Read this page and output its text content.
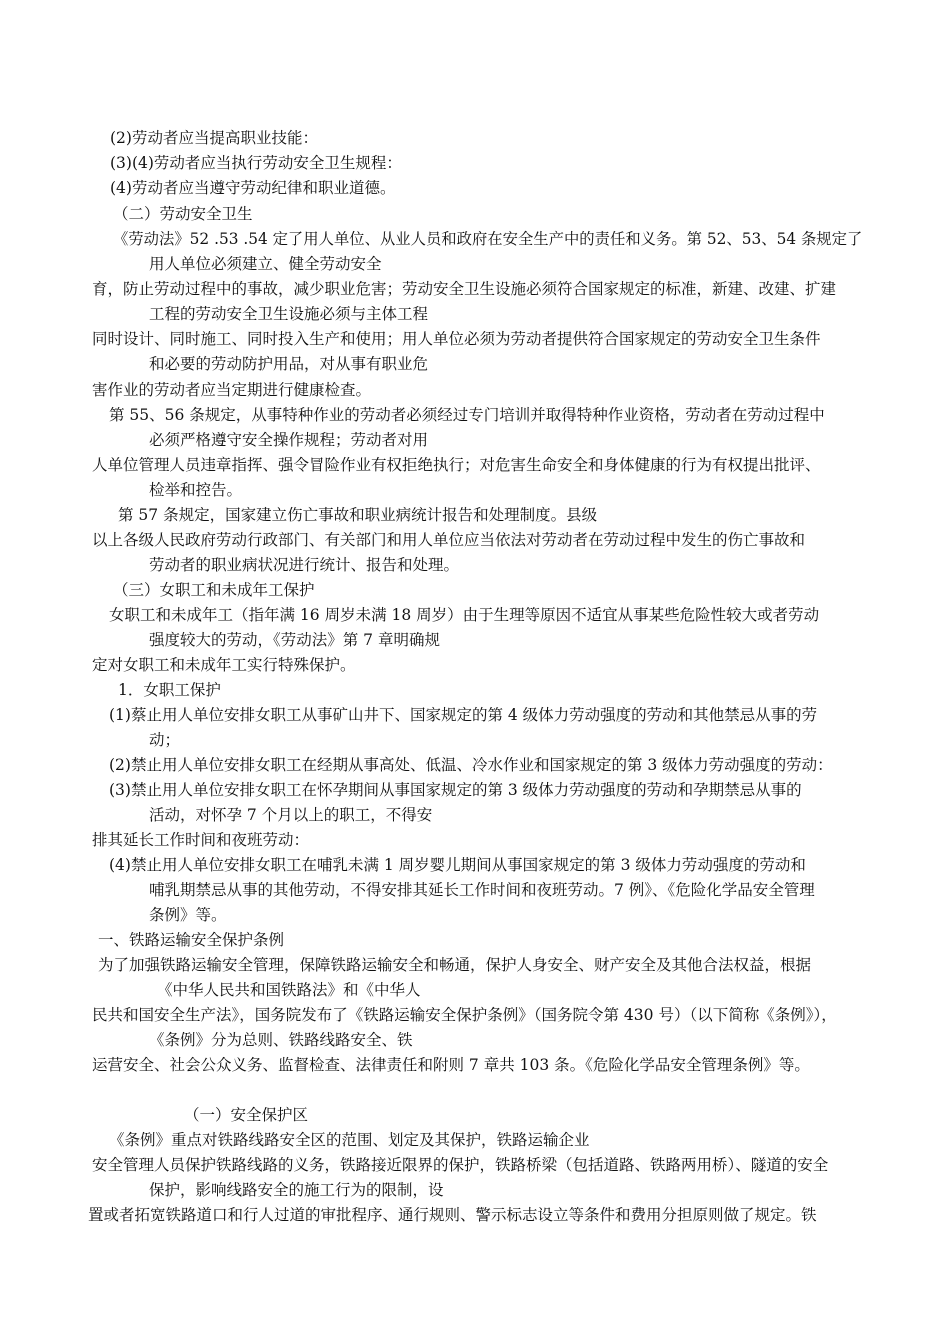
(2)劳动者应当提高职业技能：
(3)(4)劳动者应当执行劳动安全卫生规程：
(4)劳动者应当遵守劳动纪律和职业道德。
（二）劳动安全卫生
《劳动法》52 .53 .54 定了用人单位、从业人员和政府在安全生产中的责任和义务。第 52、53、54 条规定了
用人单位必须建立、健全劳动安全
育，防止劳动过程中的事故，减少职业危害；劳动安全卫生设施必须符合国家规定的标准，新建、改建、扩建
工程的劳动安全卫生设施必须与主体工程
同时设计、同时施工、同时投入生产和使用；用人单位必须为劳动者提供符合国家规定的劳动安全卫生条件
和必要的劳动防护用品，对从事有职业危
害作业的劳动者应当定期进行健康检查。
第 55、56 条规定，从事特种作业的劳动者必须经过专门培训并取得特种作业资格，劳动者在劳动过程中
必须严格遵守安全操作规程；劳动者对用
人单位管理人员违章指挥、强令冒险作业有权拒绝执行；对危害生命安全和身体健康的行为有权提出批评、
检举和控告。
第 57 条规定，国家建立伤亡事故和职业病统计报告和处理制度。县级
以上各级人民政府劳动行政部门、有关部门和用人单位应当依法对劳动者在劳动过程中发生的伤亡事故和
劳动者的职业病状况进行统计、报告和处理。
（三）女职工和未成年工保护
女职工和未成年工（指年满 16 周岁未满 18 周岁）由于生理等原因不适宜从事某些危险性较大或者劳动
强度较大的劳动，《劳动法》第 7 章明确规
定对女职工和未成年工实行特殊保护。
1．女职工保护
(1)蔡止用人单位安排女职工从事矿山井下、国家规定的第 4 级体力劳动强度的劳动和其他禁忌从事的劳
动；
(2)禁止用人单位安排女职工在经期从事高处、低温、冷水作业和国家规定的第 3 级体力劳动强度的劳动：
(3)禁止用人单位安排女职工在怀孕期间从事国家规定的第 3 级体力劳动强度的劳动和孕期禁忌从事的
活动，对怀孕 7 个月以上的职工，不得安
排其延长工作时间和夜班劳动：
(4)禁止用人单位安排女职工在哺乳未满 1 周岁婴儿期间从事国家规定的第 3 级体力劳动强度的劳动和
哺乳期禁忌从事的其他劳动，不得安排其延长工作时间和夜班劳动。7 例》、《危险化学品安全管理
条例》等。
一、铁路运输安全保护条例
为了加强铁路运输安全管理，保障铁路运输安全和畅通，保护人身安全、财产安全及其他合法权益，根据
《中华人民共和国铁路法》和《中华人
民共和国安全生产法》，国务院发布了《铁路运输安全保护条例》（国务院令第 430 号）（以下简称《条例》），
《条例》分为总则、铁路线路安全、铁
运营安全、社会公众义务、监督检查、法律责任和附则 7 章共 103 条。《危险化学品安全管理条例》等。
（一）安全保护区
《条例》重点对铁路线路安全区的范围、划定及其保护，铁路运输企业
安全管理人员保护铁路线路的义务，铁路接近限界的保护，铁路桥梁（包括道路、铁路两用桥）、隧道的安全
保护，影响线路安全的施工行为的限制，设
置或者拓宽铁路道口和行人过道的审批程序、通行规则、警示标志设立等条件和费用分担原则做了规定。铁
